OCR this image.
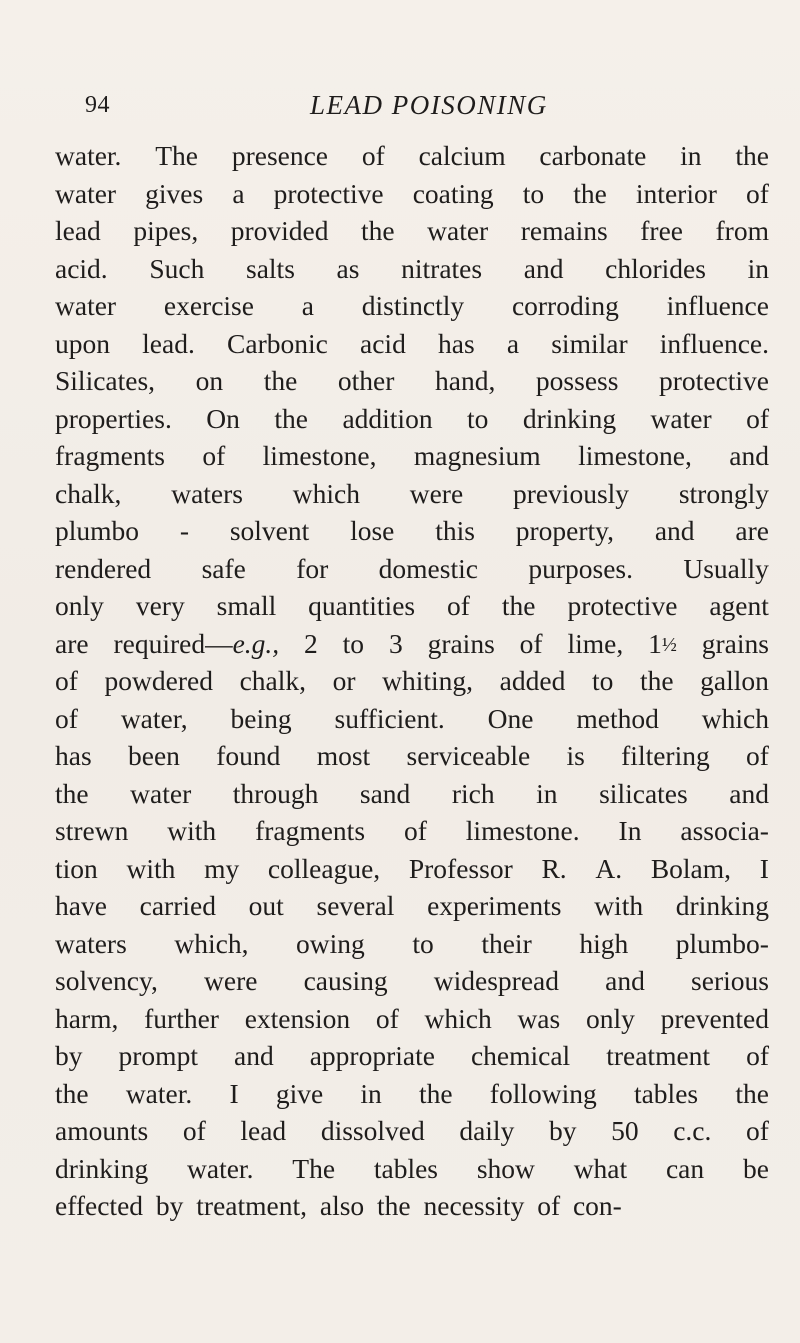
94	LEAD POISONING
water. The presence of calcium carbonate in the
water gives a protective coating to the interior of
lead pipes, provided the water remains free from
acid. Such salts as nitrates and chlorides in
water exercise a distinctly corroding influence
upon lead. Carbonic acid has a similar influence.
Silicates, on the other hand, possess protective
properties. On the addition to drinking water of
fragments of limestone, magnesium limestone, and
chalk, waters which were previously strongly
plumbo - solvent lose this property, and are
rendered safe for domestic purposes. Usually
only very small quantities of the protective agent
are required—e.g., 2 to 3 grains of lime, 1½ grains
of powdered chalk, or whiting, added to the gallon
of water, being sufficient. One method which
has been found most serviceable is filtering of
the water through sand rich in silicates and
strewn with fragments of limestone. In associa-
tion with my colleague, Professor R. A. Bolam, I
have carried out several experiments with drinking
waters which, owing to their high plumbo-
solvency, were causing widespread and serious
harm, further extension of which was only prevented
by prompt and appropriate chemical treatment of
the water. I give in the following tables the
amounts of lead dissolved daily by 50 c.c. of
drinking water. The tables show what can be
effected by treatment, also the necessity of con-
